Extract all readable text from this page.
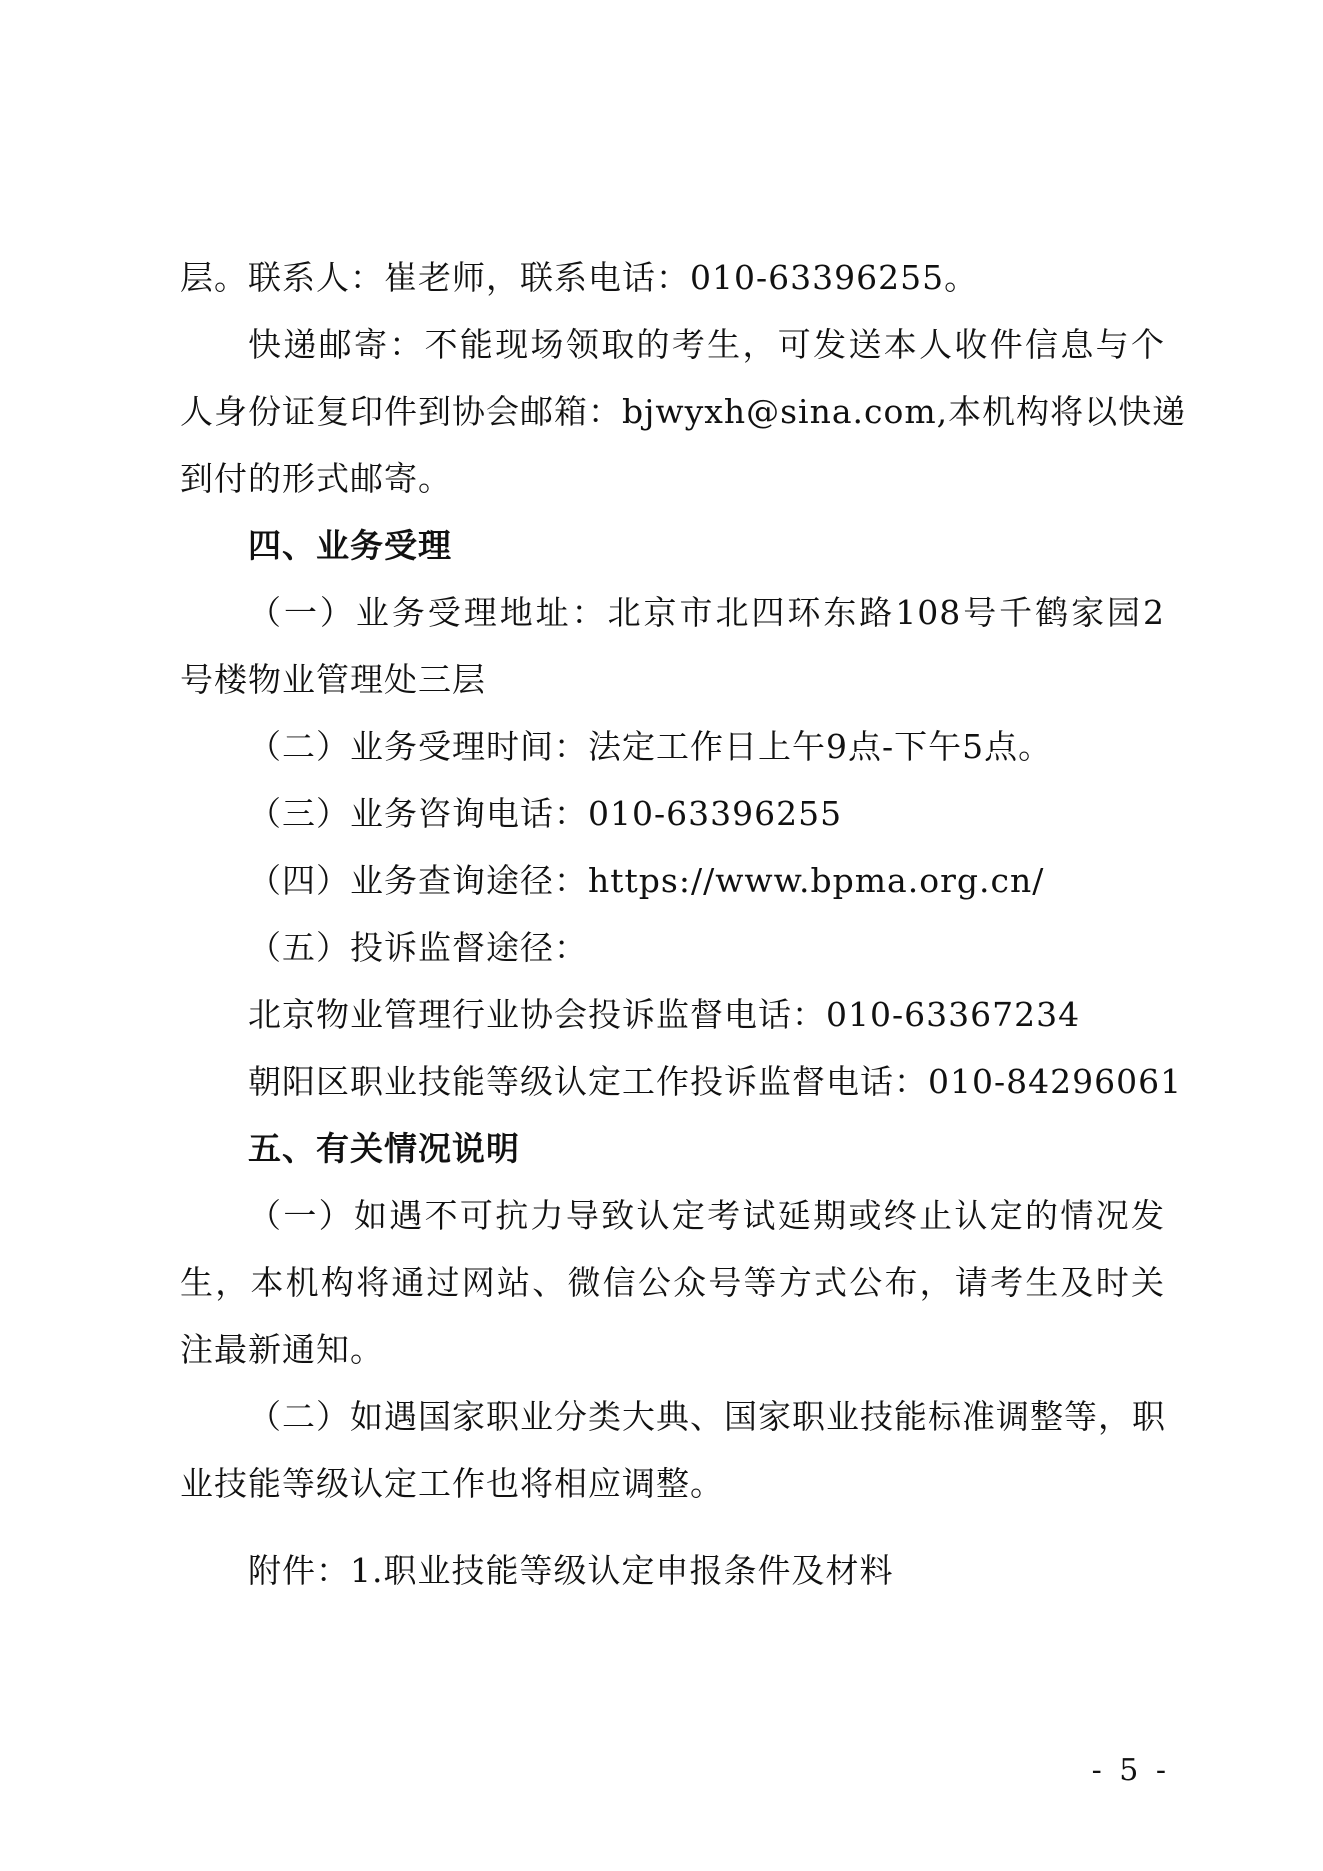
层。联系人：崔老师，联系电话：010-63396255。
快递邮寄：不能现场领取的考生，可发送本人收件信息与个
人身份证复印件到协会邮箱：bjwyxh@sina.com,本机构将以快递
到付的形式邮寄。
四、业务受理
（一）业务受理地址：北京市北四环东路108号千鹤家园2
号楼物业管理处三层
（二）业务受理时间：法定工作日上午9点-下午5点。
（三）业务咨询电话：010-63396255
（四）业务查询途径：https://www.bpma.org.cn/
（五）投诉监督途径：
北京物业管理行业协会投诉监督电话：010-63367234
朝阳区职业技能等级认定工作投诉监督电话：010-84296061
五、有关情况说明
（一）如遇不可抗力导致认定考试延期或终止认定的情况发
生，本机构将通过网站、微信公众号等方式公布，请考生及时关
注最新通知。
（二）如遇国家职业分类大典、国家职业技能标准调整等，职
业技能等级认定工作也将相应调整。
附件：1.职业技能等级认定申报条件及材料
- 5 -
